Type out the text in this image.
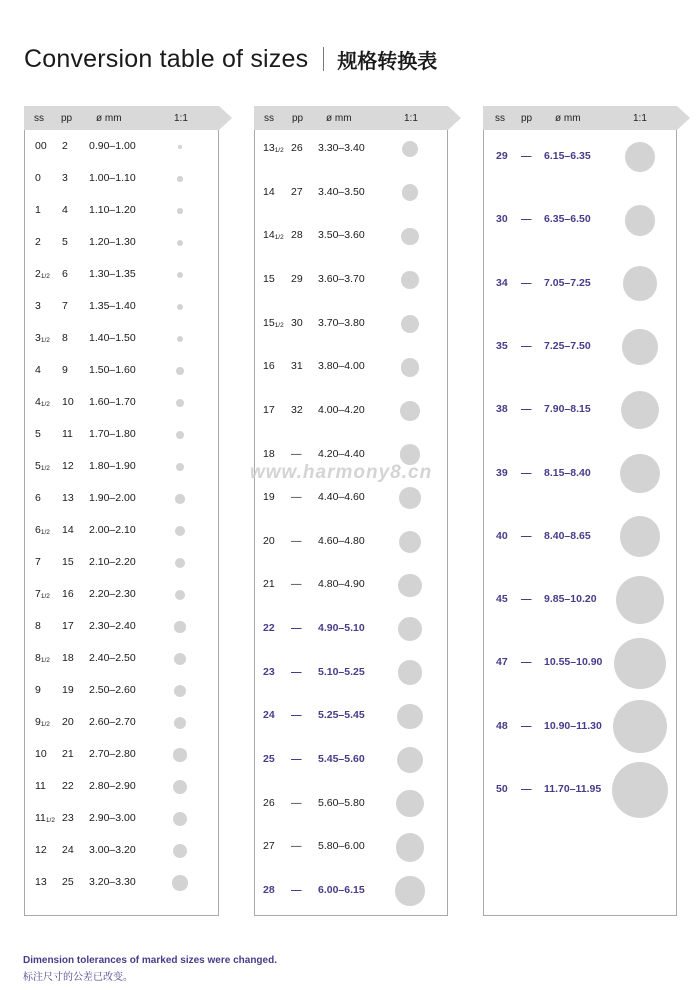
Conversion table of sizes 规格转换表
ss pp ø mm	1:1
00 2 0.90–1.00
0 3 1.00–1.10
1 4 1.10–1.20
2 5 1.20–1.30
21/2 6 1.30–1.35
3 7 1.35–1.40
31/2 8 1.40–1.50
4 9 1.50–1.60
41/2 10 1.60–1.70
5 11 1.70–1.80
51/2 12 1.80–1.90
6 13 1.90–2.00
61/2 14 2.00–2.10
7 15 2.10–2.20
71/2 16 2.20–2.30
8 17 2.30–2.40
81/2 18 2.40–2.50
9 19 2.50–2.60
91/2 20 2.60–2.70
10 21 2.70–2.80
11 22 2.80–2.90
111/2 23 2.90–3.00
12 24 3.00–3.20
13 25 3.20–3.30
ss pp ø mm	1:1
131/2 26 3.30–3.40
14 27 3.40–3.50
141/2 28 3.50–3.60
15 29 3.60–3.70
151/2 30 3.70–3.80
16 31 3.80–4.00
17 32 4.00–4.20
18 — 4.20–4.40
19 — 4.40–4.60
20 — 4.60–4.80
21 — 4.80–4.90
22 — 4.90–5.10
23 — 5.10–5.25
24 — 5.25–5.45
25 — 5.45–5.60
26 — 5.60–5.80
27 — 5.80–6.00
28 — 6.00–6.15
ss pp ø mm	1:1
29 — 6.15–6.35
30 — 6.35–6.50
34 — 7.05–7.25
35 — 7.25–7.50
38 — 7.90–8.15
39 — 8.15–8.40
40 — 8.40–8.65
45 — 9.85–10.20
47 — 10.55–10.90
48 — 10.90–11.30
50 — 11.70–11.95
www.harmony8.cn
Dimension tolerances of marked sizes were changed.
标注尺寸的公差已改变。
